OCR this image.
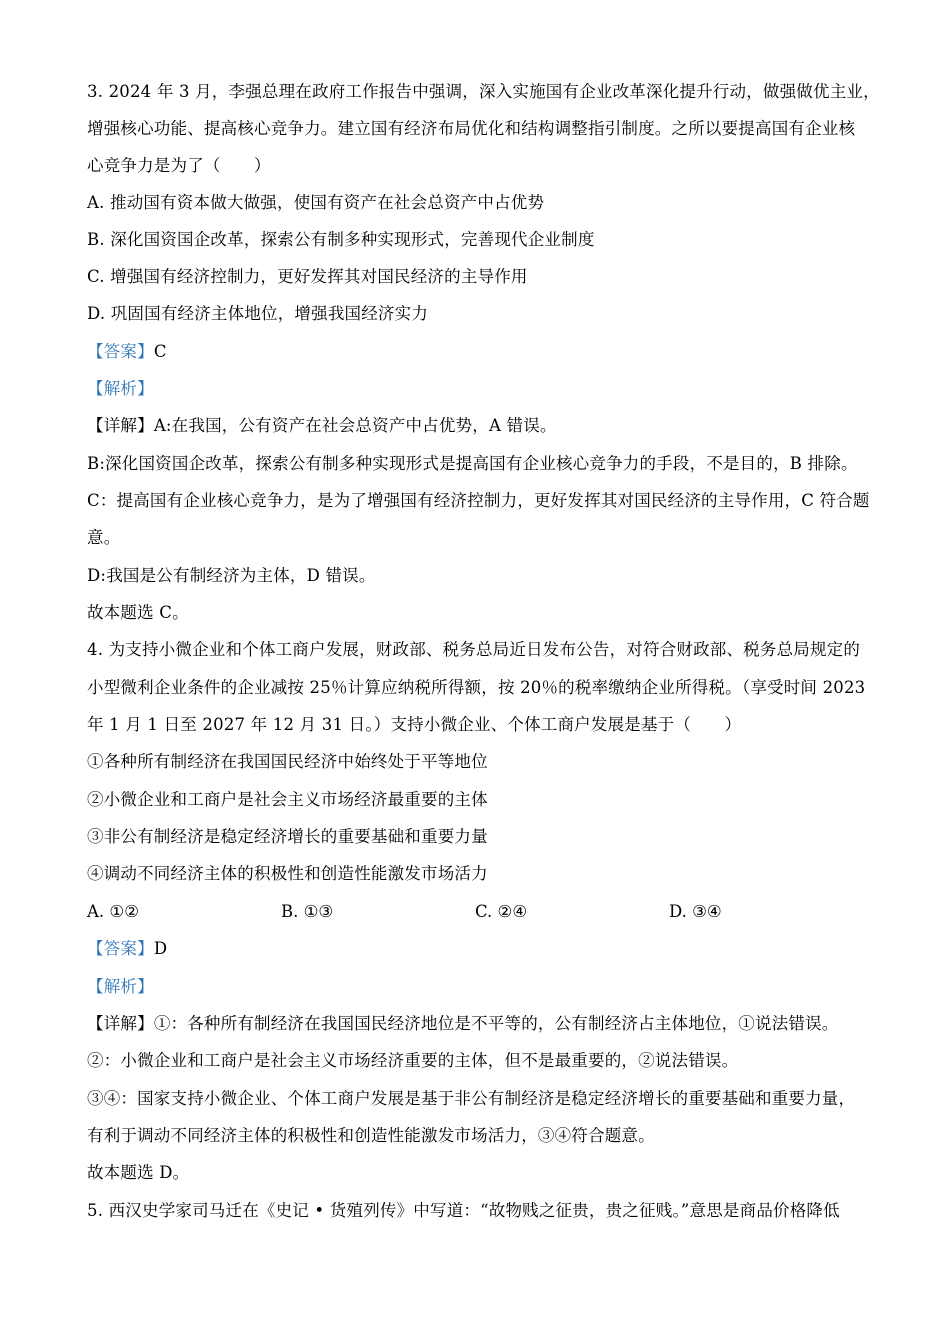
3. 2024 年 3 月，李强总理在政府工作报告中强调，深入实施国有企业改革深化提升行动，做强做优主业，
增强核心功能、提高核心竞争力。建立国有经济布局优化和结构调整指引制度。之所以要提高国有企业核
心竞争力是为了（　　）
A. 推动国有资本做大做强，使国有资产在社会总资产中占优势
B. 深化国资国企改革，探索公有制多种实现形式，完善现代企业制度
C. 增强国有经济控制力，更好发挥其对国民经济的主导作用
D. 巩固国有经济主体地位，增强我国经济实力
【答案】C
【解析】
【详解】A:在我国，公有资产在社会总资产中占优势，A 错误。
B:深化国资国企改革，探索公有制多种实现形式是提高国有企业核心竞争力的手段，不是目的，B 排除。
C：提高国有企业核心竞争力，是为了增强国有经济控制力，更好发挥其对国民经济的主导作用，C 符合题
意。
D:我国是公有制经济为主体，D 错误。
故本题选 C。
4. 为支持小微企业和个体工商户发展，财政部、税务总局近日发布公告，对符合财政部、税务总局规定的
小型微利企业条件的企业减按 25％计算应纳税所得额，按 20％的税率缴纳企业所得税。（享受时间 2023
年 1 月 1 日至 2027 年 12 月 31 日。）支持小微企业、个体工商户发展是基于（　　）
①各种所有制经济在我国国民经济中始终处于平等地位
②小微企业和工商户是社会主义市场经济最重要的主体
③非公有制经济是稳定经济增长的重要基础和重要力量
④调动不同经济主体的积极性和创造性能激发市场活力
A. ①②	B. ①③	C. ②④	D. ③④
【答案】D
【解析】
【详解】①：各种所有制经济在我国国民经济地位是不平等的，公有制经济占主体地位，①说法错误。
②：小微企业和工商户是社会主义市场经济重要的主体，但不是最重要的，②说法错误。
③④：国家支持小微企业、个体工商户发展是基于非公有制经济是稳定经济增长的重要基础和重要力量，
有利于调动不同经济主体的积极性和创造性能激发市场活力，③④符合题意。
故本题选 D。
5. 西汉史学家司马迁在《史记 • 货殖列传》中写道：“故物贱之征贵，贵之征贱。”意思是商品价格降低
